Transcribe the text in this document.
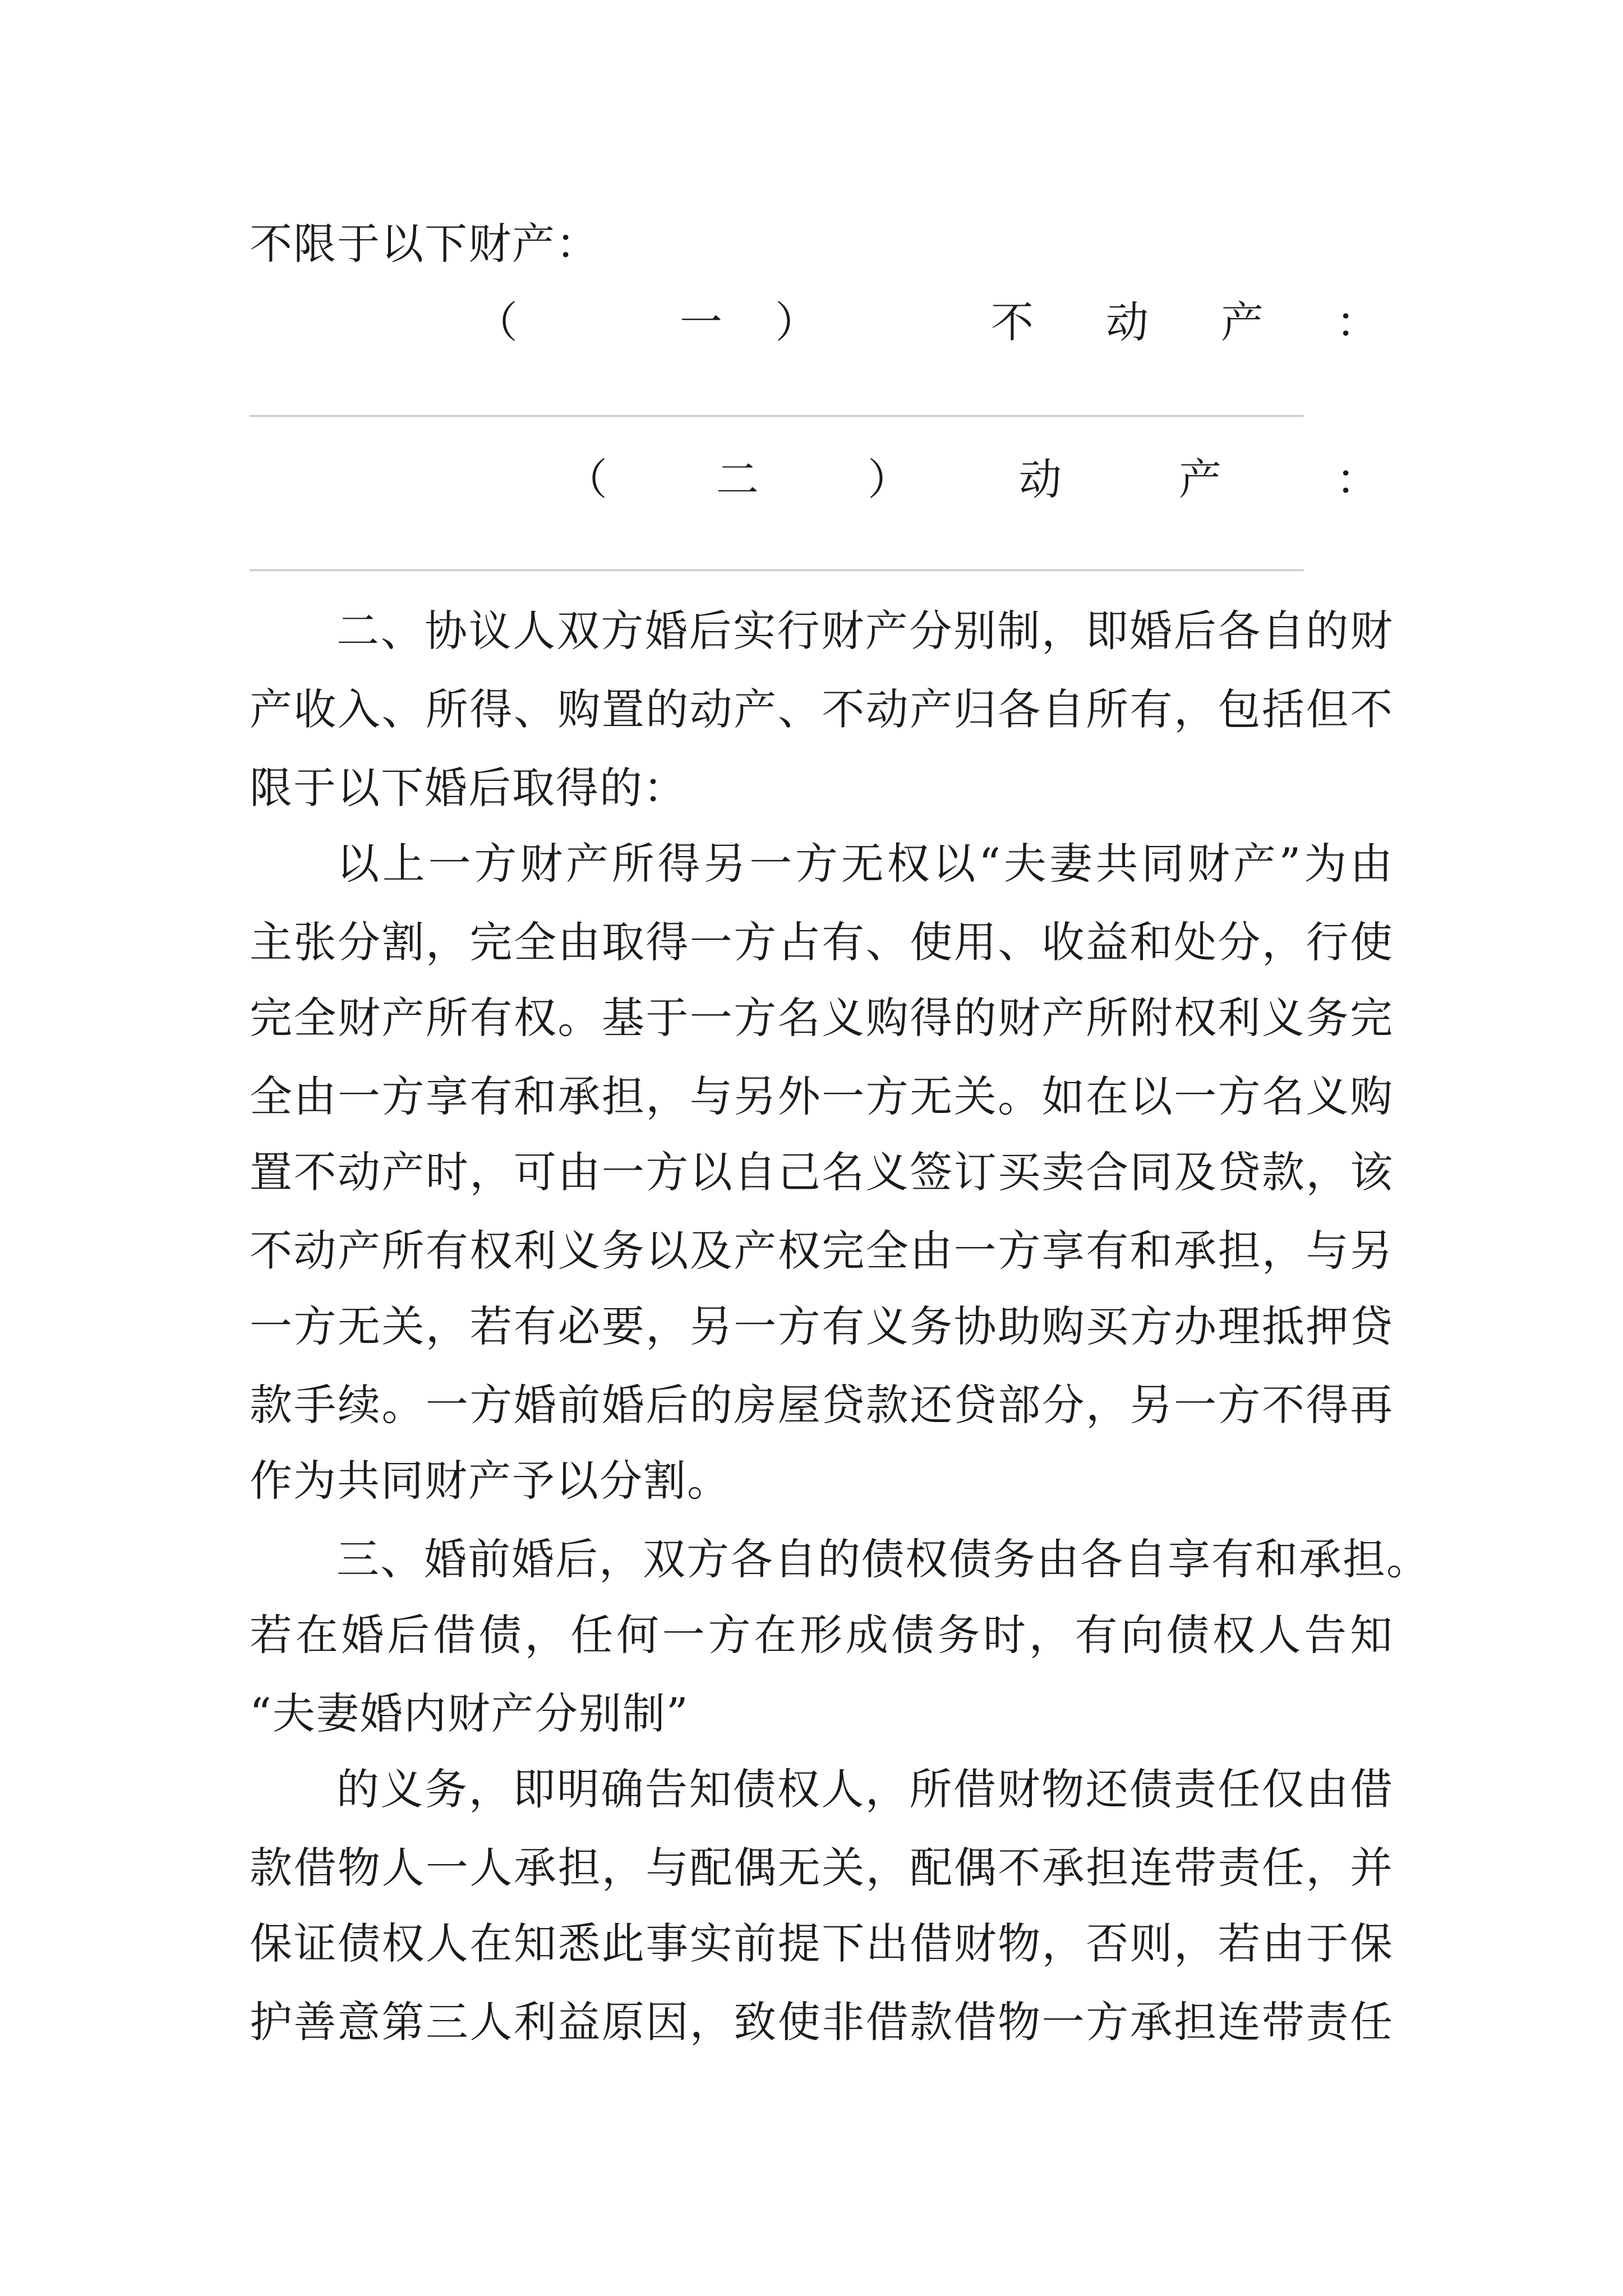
不限于以下财产：
（	一 ）	不 动 产 ：
（	二	）	动	产	：
二、协议人双方婚后实行财产分别制，即婚后各自的财
产收入、所得、购置的动产、不动产归各自所有，包括但不
限于以下婚后取得的：
以上一方财产所得另一方无权以“夫妻共同财产”为由
主张分割，完全由取得一方占有、使用、收益和处分，行使
完全财产所有权。基于一方名义购得的财产所附权利义务完
全由一方享有和承担，与另外一方无关。如在以一方名义购
置不动产时，可由一方以自己名义签订买卖合同及贷款，该
不动产所有权利义务以及产权完全由一方享有和承担，与另
一方无关，若有必要，另一方有义务协助购买方办理抵押贷
款手续。一方婚前婚后的房屋贷款还贷部分，另一方不得再
作为共同财产予以分割。
三、婚前婚后，双方各自的债权债务由各自享有和承担。
若在婚后借债，任何一方在形成债务时，有向债权人告知
“夫妻婚内财产分别制”
的义务，即明确告知债权人，所借财物还债责任仅由借
款借物人一人承担，与配偶无关，配偶不承担连带责任，并
保证债权人在知悉此事实前提下出借财物，否则，若由于保
护善意第三人利益原因，致使非借款借物一方承担连带责任
